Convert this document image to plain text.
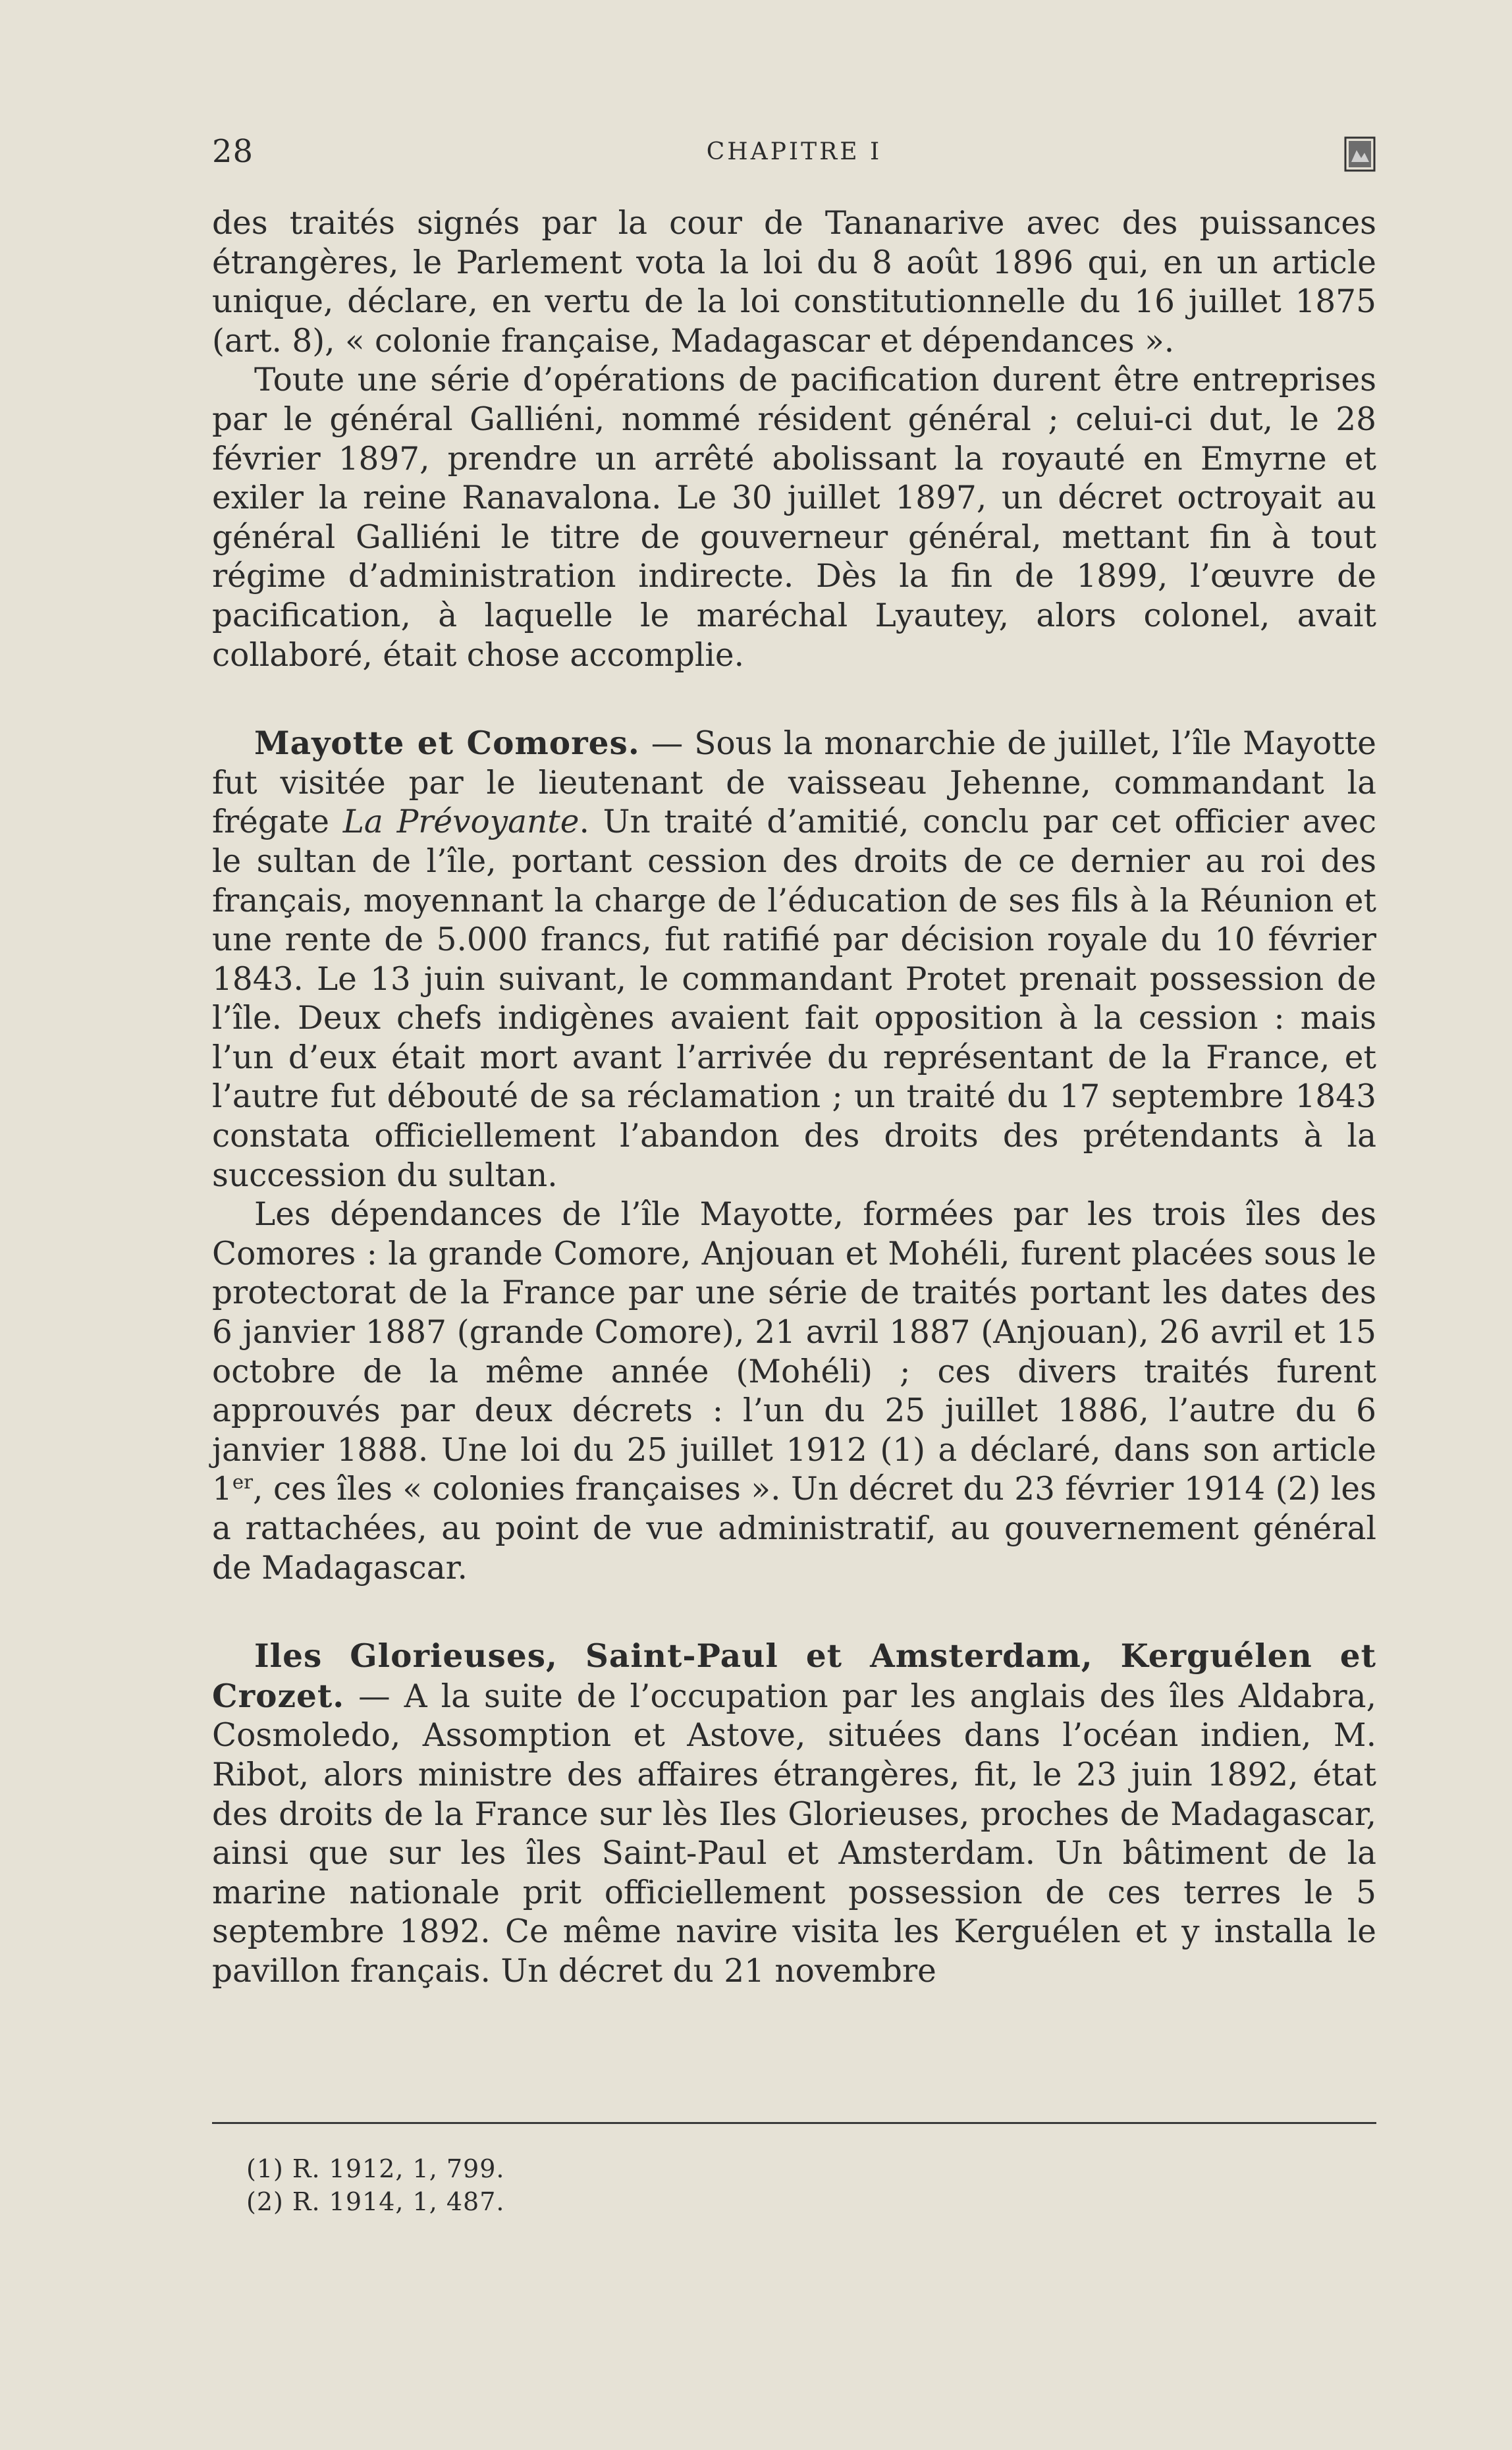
28	CHAPITRE I

des traités signés par la cour de Tananarive avec des puissances étrangères, le Parlement vota la loi du 8 août 1896 qui, en un article unique, déclare, en vertu de la loi constitutionnelle du 16 juillet 1875 (art. 8), « colonie française, Madagascar et dépendances ».

Toute une série d’opérations de pacification durent être entreprises par le général Galliéni, nommé résident général ; celui-ci dut, le 28 février 1897, prendre un arrêté abolissant la royauté en Emyrne et exiler la reine Ranavalona. Le 30 juillet 1897, un décret octroyait au général Galliéni le titre de gouverneur général, mettant fin à tout régime d’administration indirecte. Dès la fin de 1899, l’œuvre de pacification, à laquelle le maréchal Lyautey, alors colonel, avait collaboré, était chose accomplie.

Mayotte et Comores. — Sous la monarchie de juillet, l’île Mayotte fut visitée par le lieutenant de vaisseau Jehenne, commandant la frégate La Prévoyante. Un traité d’amitié, conclu par cet officier avec le sultan de l’île, portant cession des droits de ce dernier au roi des français, moyennant la charge de l’éducation de ses fils à la Réunion et une rente de 5.000 francs, fut ratifié par décision royale du 10 février 1843. Le 13 juin suivant, le commandant Protet prenait possession de l’île. Deux chefs indigènes avaient fait opposition à la cession : mais l’un d’eux était mort avant l’arrivée du représentant de la France, et l’autre fut débouté de sa réclamation ; un traité du 17 septembre 1843 constata officiellement l’abandon des droits des prétendants à la succession du sultan.

Les dépendances de l’île Mayotte, formées par les trois îles des Comores : la grande Comore, Anjouan et Mohéli, furent placées sous le protectorat de la France par une série de traités portant les dates des 6 janvier 1887 (grande Comore), 21 avril 1887 (Anjouan), 26 avril et 15 octobre de la même année (Mohéli) ; ces divers traités furent approuvés par deux décrets : l’un du 25 juillet 1886, l’autre du 6 janvier 1888. Une loi du 25 juillet 1912 (1) a déclaré, dans son article 1er, ces îles « colonies françaises ». Un décret du 23 février 1914 (2) les a rattachées, au point de vue administratif, au gouvernement général de Madagascar.

Iles Glorieuses, Saint-Paul et Amsterdam, Kerguélen et Crozet. — A la suite de l’occupation par les anglais des îles Aldabra, Cosmoledo, Assomption et Astove, situées dans l’océan indien, M. Ribot, alors ministre des affaires étrangères, fit, le 23 juin 1892, état des droits de la France sur lès Iles Glorieuses, proches de Madagascar, ainsi que sur les îles Saint-Paul et Amsterdam. Un bâtiment de la marine nationale prit officiellement possession de ces terres le 5 septembre 1892. Ce même navire visita les Kerguélen et y installa le pavillon français. Un décret du 21 novembre

(1) R. 1912, 1, 799.
(2) R. 1914, 1, 487.
